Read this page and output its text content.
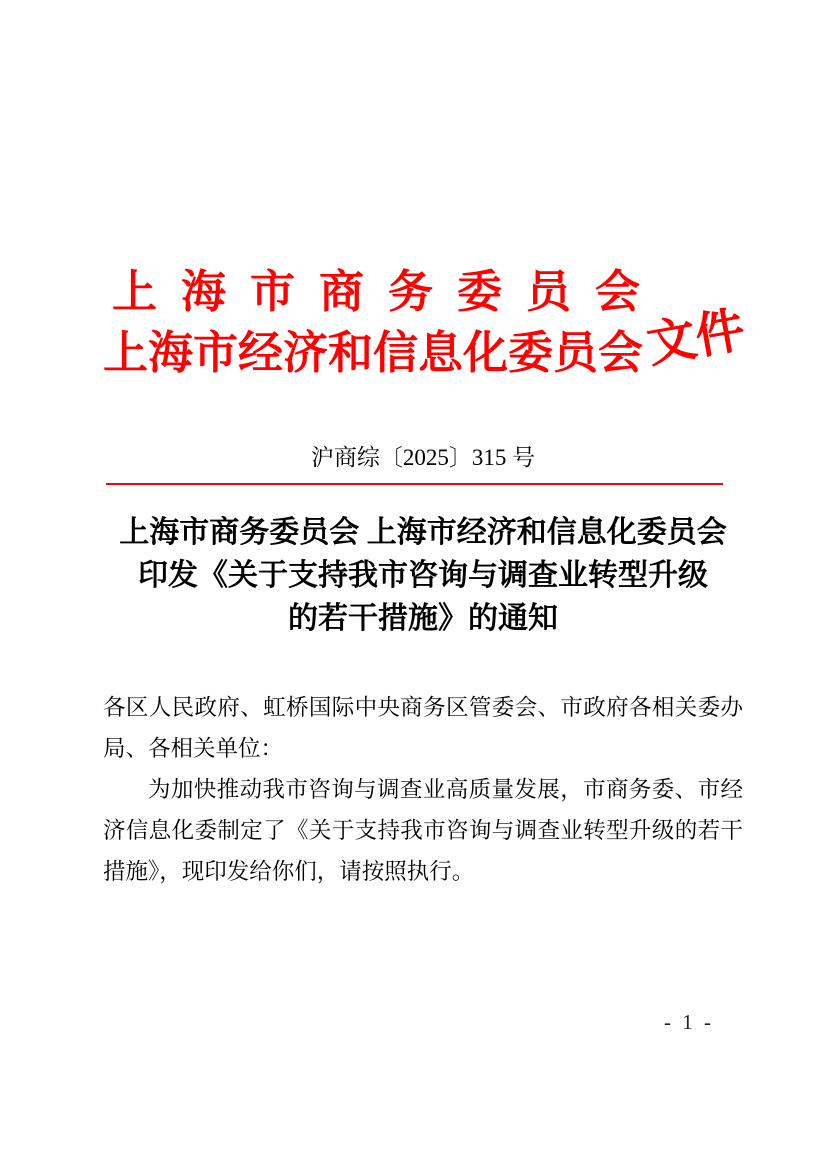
上海市商务委员会
上海市经济和信息化委员会 文件
沪商综〔2025〕315 号
上海市商务委员会 上海市经济和信息化委员会
印发《关于支持我市咨询与调查业转型升级
的若干措施》的通知

各区人民政府、虹桥国际中央商务区管委会、市政府各相关委办局、各相关单位：

为加快推动我市咨询与调查业高质量发展，市商务委、市经济信息化委制定了《关于支持我市咨询与调查业转型升级的若干措施》，现印发给你们，请按照执行。

- 1 -
